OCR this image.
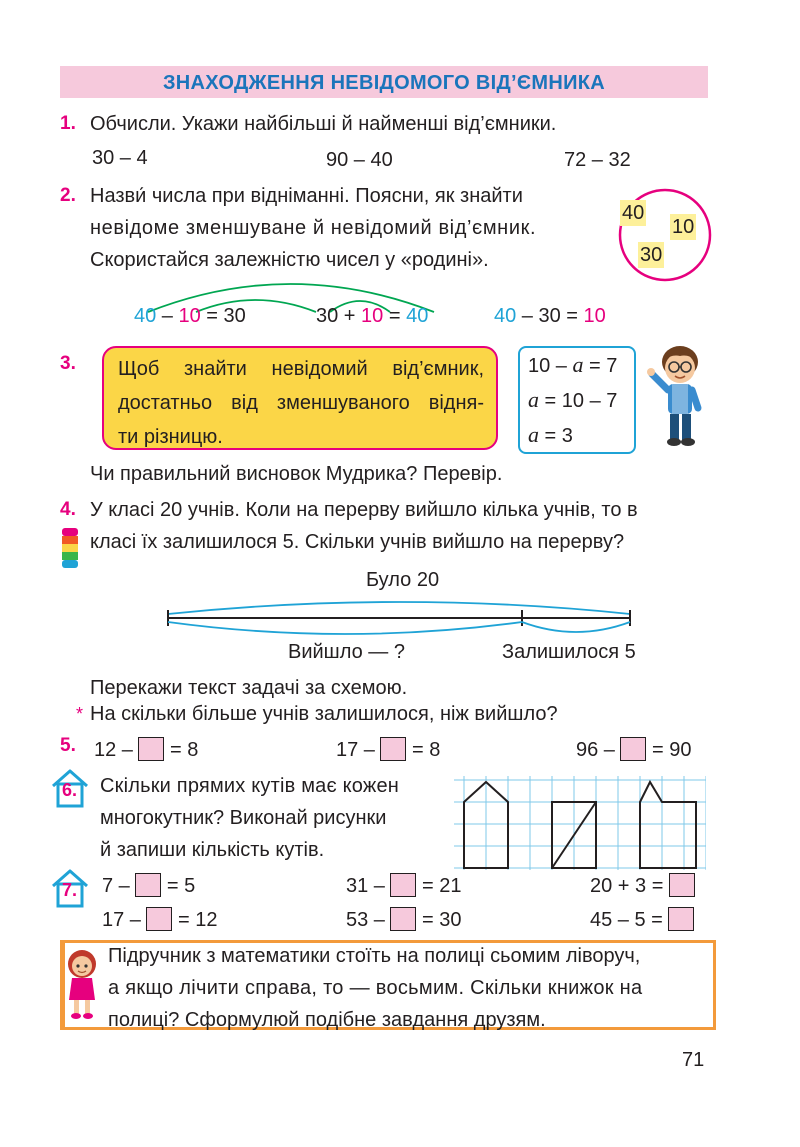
ЗНАХОДЖЕННЯ НЕВІДОМОГО ВІД’ЄМНИКА
1. Обчисли. Укажи найбільші й найменші від’ємники.
30 – 4	90 – 40	72 – 32
2. Назви́ числа при відніманні. Поясни, як знайти
невідоме зменшуване й невідомий від’ємник.
Скористайся залежністю чисел у «родині».
40
10
30
40 – 10 = 30	30 + 10 = 40	40 – 30 = 10
3.	Щоб знайти невідомий від’ємник,
достатньо від зменшуваного відня-
ти різницю.
10 – a = 7
a = 10 – 7
a = 3
Чи правильний висновок Мудрика? Перевір.
4. У класі 20 учнів. Коли на перерву вийшло кілька учнів, то в
класі їх залишилося 5. Скільки учнів вийшло на перерву?
Було 20
Вийшло — ?	Залишилося 5
Перекажи текст задачі за схемою.
* На скільки більше учнів залишилося, ніж вийшло?
5. 12 –  = 8	17 –  = 8	96 –  = 90
6. Скільки прямих кутів має кожен
многокутник? Виконай рисунки
й запиши кількість кутів.
7. 7 –  = 5	31 –  = 21	20 + 3 =
17 –  = 12	53 –  = 30	45 – 5 =
Підручник з математики стоїть на полиці сьомим ліворуч,
а якщо лічити справа, то — восьмим. Скільки книжок на
полиці? Сформулюй подібне завдання друзям.
71
